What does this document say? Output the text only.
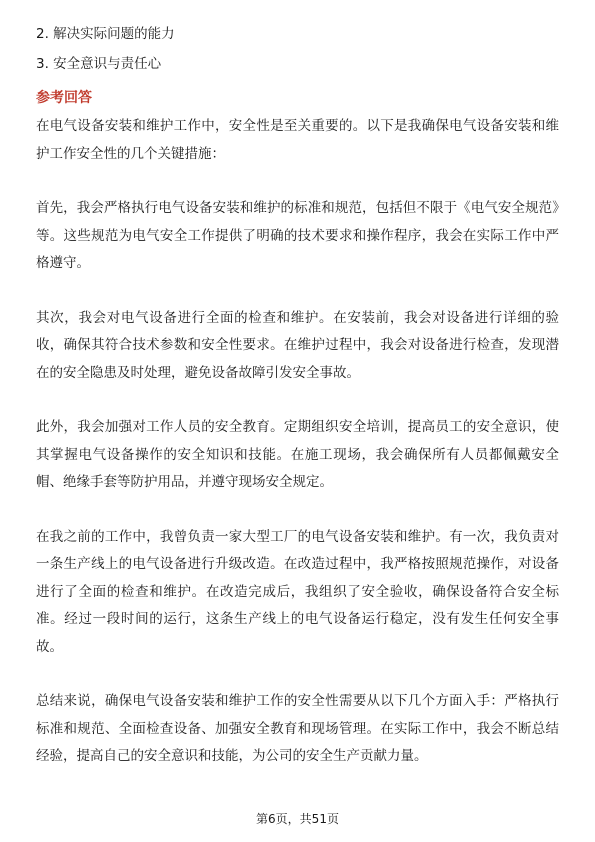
2. 解决实际问题的能力
3. 安全意识与责任心
参考回答

在电气设备安装和维护工作中，安全性是至关重要的。以下是我确保电气设备安装和维护工作安全性的几个关键措施：

首先，我会严格执行电气设备安装和维护的标准和规范，包括但不限于《电气安全规范》等。这些规范为电气安全工作提供了明确的技术要求和操作程序，我会在实际工作中严格遵守。

其次，我会对电气设备进行全面的检查和维护。在安装前，我会对设备进行详细的验收，确保其符合技术参数和安全性要求。在维护过程中，我会对设备进行检查，发现潜在的安全隐患及时处理，避免设备故障引发安全事故。

此外，我会加强对工作人员的安全教育。定期组织安全培训，提高员工的安全意识，使其掌握电气设备操作的安全知识和技能。在施工现场，我会确保所有人员都佩戴安全帽、绝缘手套等防护用品，并遵守现场安全规定。

在我之前的工作中，我曾负责一家大型工厂的电气设备安装和维护。有一次，我负责对一条生产线上的电气设备进行升级改造。在改造过程中，我严格按照规范操作，对设备进行了全面的检查和维护。在改造完成后，我组织了安全验收，确保设备符合安全标准。经过一段时间的运行，这条生产线上的电气设备运行稳定，没有发生任何安全事故。

总结来说，确保电气设备安装和维护工作的安全性需要从以下几个方面入手：严格执行标准和规范、全面检查设备、加强安全教育和现场管理。在实际工作中，我会不断总结经验，提高自己的安全意识和技能，为公司的安全生产贡献力量。

第6页，共51页
